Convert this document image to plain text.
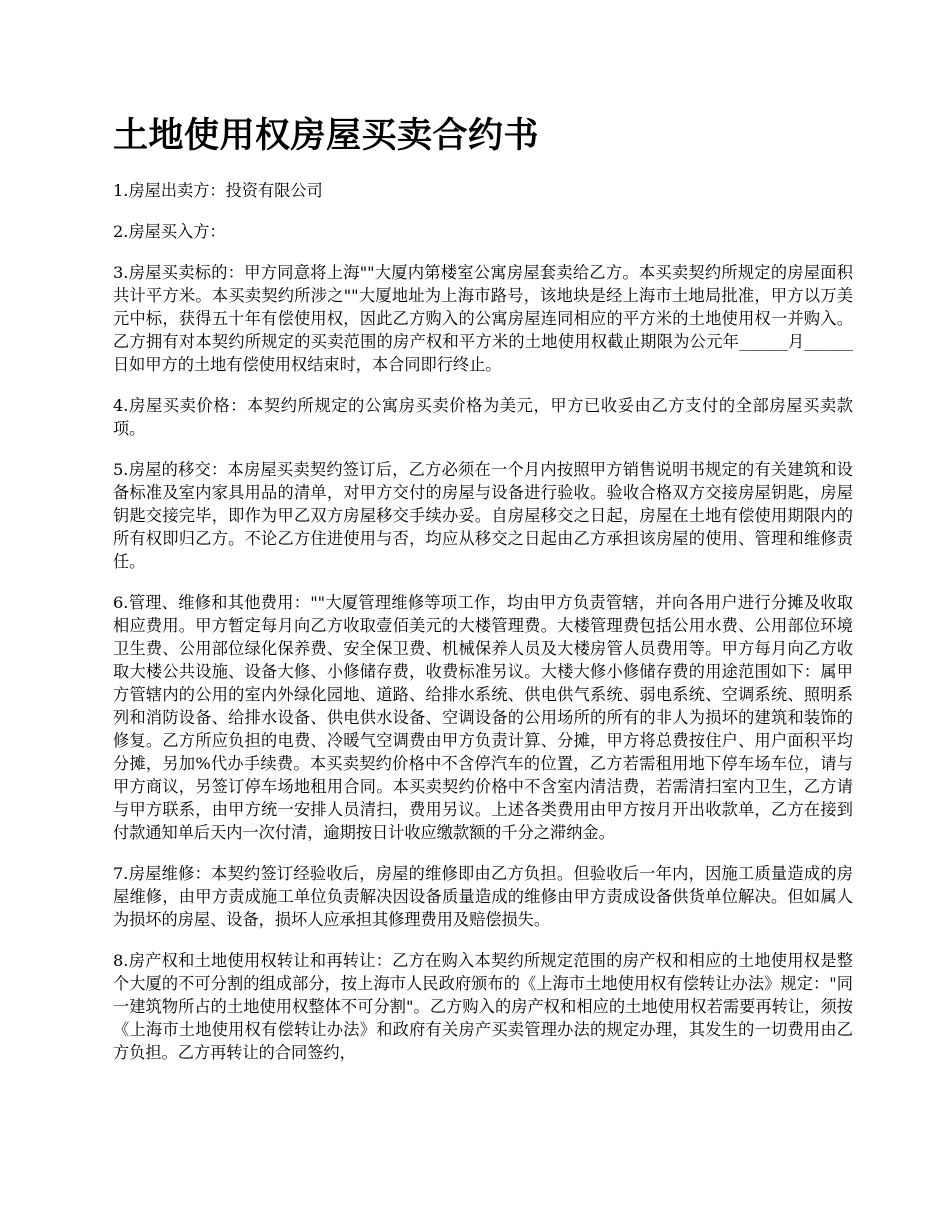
土地使用权房屋买卖合约书

1.房屋出卖方：投资有限公司

2.房屋买入方：

3.房屋买卖标的：甲方同意将上海""大厦内第楼室公寓房屋套卖给乙方。本买卖契约所规定的房屋面积共计平方米。本买卖契约所涉之""大厦地址为上海市路号，该地块是经上海市土地局批准，甲方以万美元中标，获得五十年有偿使用权，因此乙方购入的公寓房屋连同相应的平方米的土地使用权一并购入。乙方拥有对本契约所规定的买卖范围的房产权和平方米的土地使用权截止期限为公元年______月______日如甲方的土地有偿使用权结束时，本合同即行终止。

4.房屋买卖价格：本契约所规定的公寓房买卖价格为美元，甲方已收妥由乙方支付的全部房屋买卖款项。

5.房屋的移交：本房屋买卖契约签订后，乙方必须在一个月内按照甲方销售说明书规定的有关建筑和设备标准及室内家具用品的清单，对甲方交付的房屋与设备进行验收。验收合格双方交接房屋钥匙，房屋钥匙交接完毕，即作为甲乙双方房屋移交手续办妥。自房屋移交之日起，房屋在土地有偿使用期限内的所有权即归乙方。不论乙方住进使用与否，均应从移交之日起由乙方承担该房屋的使用、管理和维修责任。

6.管理、维修和其他费用：""大厦管理维修等项工作，均由甲方负责管辖，并向各用户进行分摊及收取相应费用。甲方暂定每月向乙方收取壹佰美元的大楼管理费。大楼管理费包括公用水费、公用部位环境卫生费、公用部位绿化保养费、安全保卫费、机械保养人员及大楼房管人员费用等。甲方每月向乙方收取大楼公共设施、设备大修、小修储存费，收费标准另议。大楼大修小修储存费的用途范围如下：属甲方管辖内的公用的室内外绿化园地、道路、给排水系统、供电供气系统、弱电系统、空调系统、照明系列和消防设备、给排水设备、供电供水设备、空调设备的公用场所的所有的非人为损坏的建筑和装饰的修复。乙方所应负担的电费、冷暖气空调费由甲方负责计算、分摊，甲方将总费按住户、用户面积平均分摊，另加%代办手续费。本买卖契约价格中不含停汽车的位置，乙方若需租用地下停车场车位，请与甲方商议，另签订停车场地租用合同。本买卖契约价格中不含室内清洁费，若需清扫室内卫生，乙方请与甲方联系，由甲方统一安排人员清扫，费用另议。上述各类费用由甲方按月开出收款单，乙方在接到付款通知单后天内一次付清，逾期按日计收应缴款额的千分之滞纳金。

7.房屋维修：本契约签订经验收后，房屋的维修即由乙方负担。但验收后一年内，因施工质量造成的房屋维修，由甲方责成施工单位负责解决因设备质量造成的维修由甲方责成设备供货单位解决。但如属人为损坏的房屋、设备，损坏人应承担其修理费用及赔偿损失。

8.房产权和土地使用权转让和再转让：乙方在购入本契约所规定范围的房产权和相应的土地使用权是整个大厦的不可分割的组成部分，按上海市人民政府颁布的《上海市土地使用权有偿转让办法》规定："同一建筑物所占的土地使用权整体不可分割"。乙方购入的房产权和相应的土地使用权若需要再转让，须按《上海市土地使用权有偿转让办法》和政府有关房产买卖管理办法的规定办理，其发生的一切费用由乙方负担。乙方再转让的合同签约，
